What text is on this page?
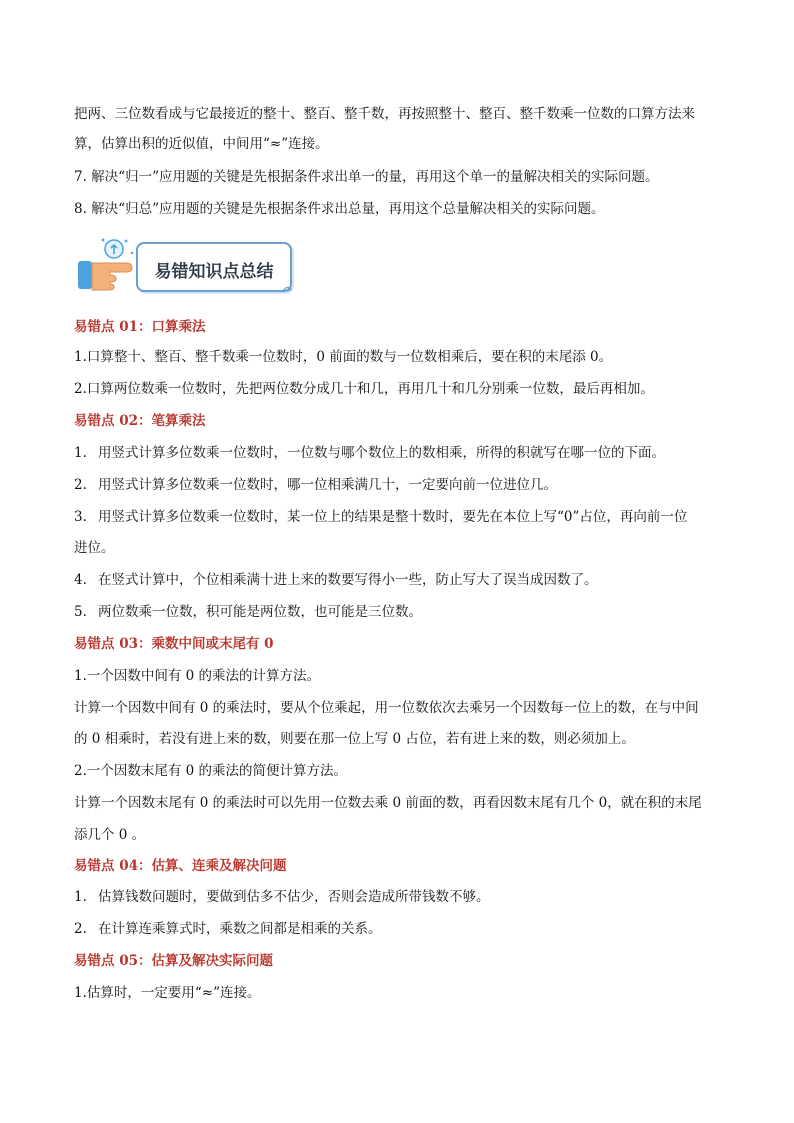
把两、三位数看成与它最接近的整十、整百、整千数，再按照整十、整百、整千数乘一位数的口算方法来
算，估算出积的近似值，中间用“≈”连接。
7. 解决“归一”应用题的关键是先根据条件求出单一的量，再用这个单一的量解决相关的实际问题。
8. 解决“归总”应用题的关键是先根据条件求出总量，再用这个总量解决相关的实际问题。
易错知识点总结
易错点 01：口算乘法
1.口算整十、整百、整千数乘一位数时，0 前面的数与一位数相乘后，要在积的末尾添 0。
2.口算两位数乘一位数时，先把两位数分成几十和几，再用几十和几分别乘一位数，最后再相加。
易错点 02：笔算乘法
1. 用竖式计算多位数乘一位数时，一位数与哪个数位上的数相乘，所得的积就写在哪一位的下面。
2. 用竖式计算多位数乘一位数时，哪一位相乘满几十，一定要向前一位进位几。
3. 用竖式计算多位数乘一位数时，某一位上的结果是整十数时，要先在本位上写“0”占位，再向前一位
进位。
4. 在竖式计算中，个位相乘满十进上来的数要写得小一些，防止写大了误当成因数了。
5. 两位数乘一位数，积可能是两位数，也可能是三位数。
易错点 03：乘数中间或末尾有 0
1.一个因数中间有 0 的乘法的计算方法。
计算一个因数中间有 0 的乘法时，要从个位乘起，用一位数依次去乘另一个因数每一位上的数，在与中间
的 0 相乘时，若没有进上来的数，则要在那一位上写 0 占位，若有进上来的数，则必须加上。
2.一个因数末尾有 0 的乘法的简便计算方法。
计算一个因数末尾有 0 的乘法时可以先用一位数去乘 0 前面的数，再看因数末尾有几个 0，就在积的末尾
添几个 0 。
易错点 04：估算、连乘及解决问题
1. 估算钱数问题时，要做到估多不估少，否则会造成所带钱数不够。
2. 在计算连乘算式时，乘数之间都是相乘的关系。
易错点 05：估算及解决实际问题
1.估算时，一定要用“≈”连接。
